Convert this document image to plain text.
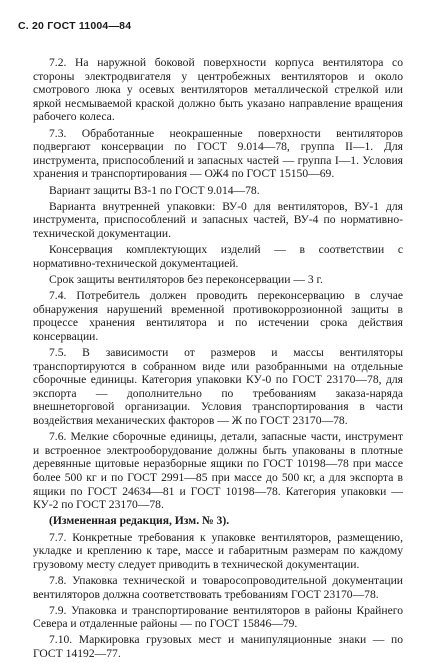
С. 20 ГОСТ 11004—84

7.2. На наружной боковой поверхности корпуса вентилятора со стороны электродвигателя у центробежных вентиляторов и около смотрового люка у осевых вентиляторов металлической стрелкой или яркой несмываемой краской должно быть указано направление вращения рабочего колеса.

7.3. Обработанные неокрашенные поверхности вентиляторов подвергают консервации по ГОСТ 9.014—78, группа II—1. Для инструмента, приспособлений и запасных частей — группа I—1. Условия хранения и транспортирования — ОЖ4 по ГОСТ 15150—69.

Вариант защиты ВЗ-1 по ГОСТ 9.014—78.

Варианта внутренней упаковки: ВУ-0 для вентиляторов, ВУ-1 для инструмента, приспособлений и запасных частей, ВУ-4 по нормативно-технической документации.

Консервация комплектующих изделий — в соответствии с нормативно-технической документацией.

Срок защиты вентиляторов без переконсервации — 3 г.

7.4. Потребитель должен проводить переконсервацию в случае обнаружения нарушений временной противокоррозионной защиты в процессе хранения вентилятора и по истечении срока действия консервации.

7.5. В зависимости от размеров и массы вентиляторы транспортируются в собранном виде или разобранными на отдельные сборочные единицы. Категория упаковки КУ-0 по ГОСТ 23170—78, для экспорта — дополнительно по требованиям заказа-наряда внешнеторговой организации. Условия транспортирования в части воздействия механических факторов — Ж по ГОСТ 23170—78.

7.6. Мелкие сборочные единицы, детали, запасные части, инструмент и встроенное электрооборудование должны быть упакованы в плотные деревянные щитовые неразборные ящики по ГОСТ 10198—78 при массе более 500 кг и по ГОСТ 2991—85 при массе до 500 кг, а для экспорта в ящики по ГОСТ 24634—81 и ГОСТ 10198—78. Категория упаковки — КУ-2 по ГОСТ 23170—78.

(Измененная редакция, Изм. № 3).

7.7. Конкретные требования к упаковке вентиляторов, размещению, укладке и креплению к таре, массе и габаритным размерам по каждому грузовому месту следует приводить в технической документации.

7.8. Упаковка технической и товаросопроводительной документации вентиляторов должна соответствовать требованиям ГОСТ 23170—78.

7.9. Упаковка и транспортирование вентиляторов в районы Крайнего Севера и отдаленные районы — по ГОСТ 15846—79.

7.10. Маркировка грузовых мест и манипуляционные знаки — по ГОСТ 14192—77.
